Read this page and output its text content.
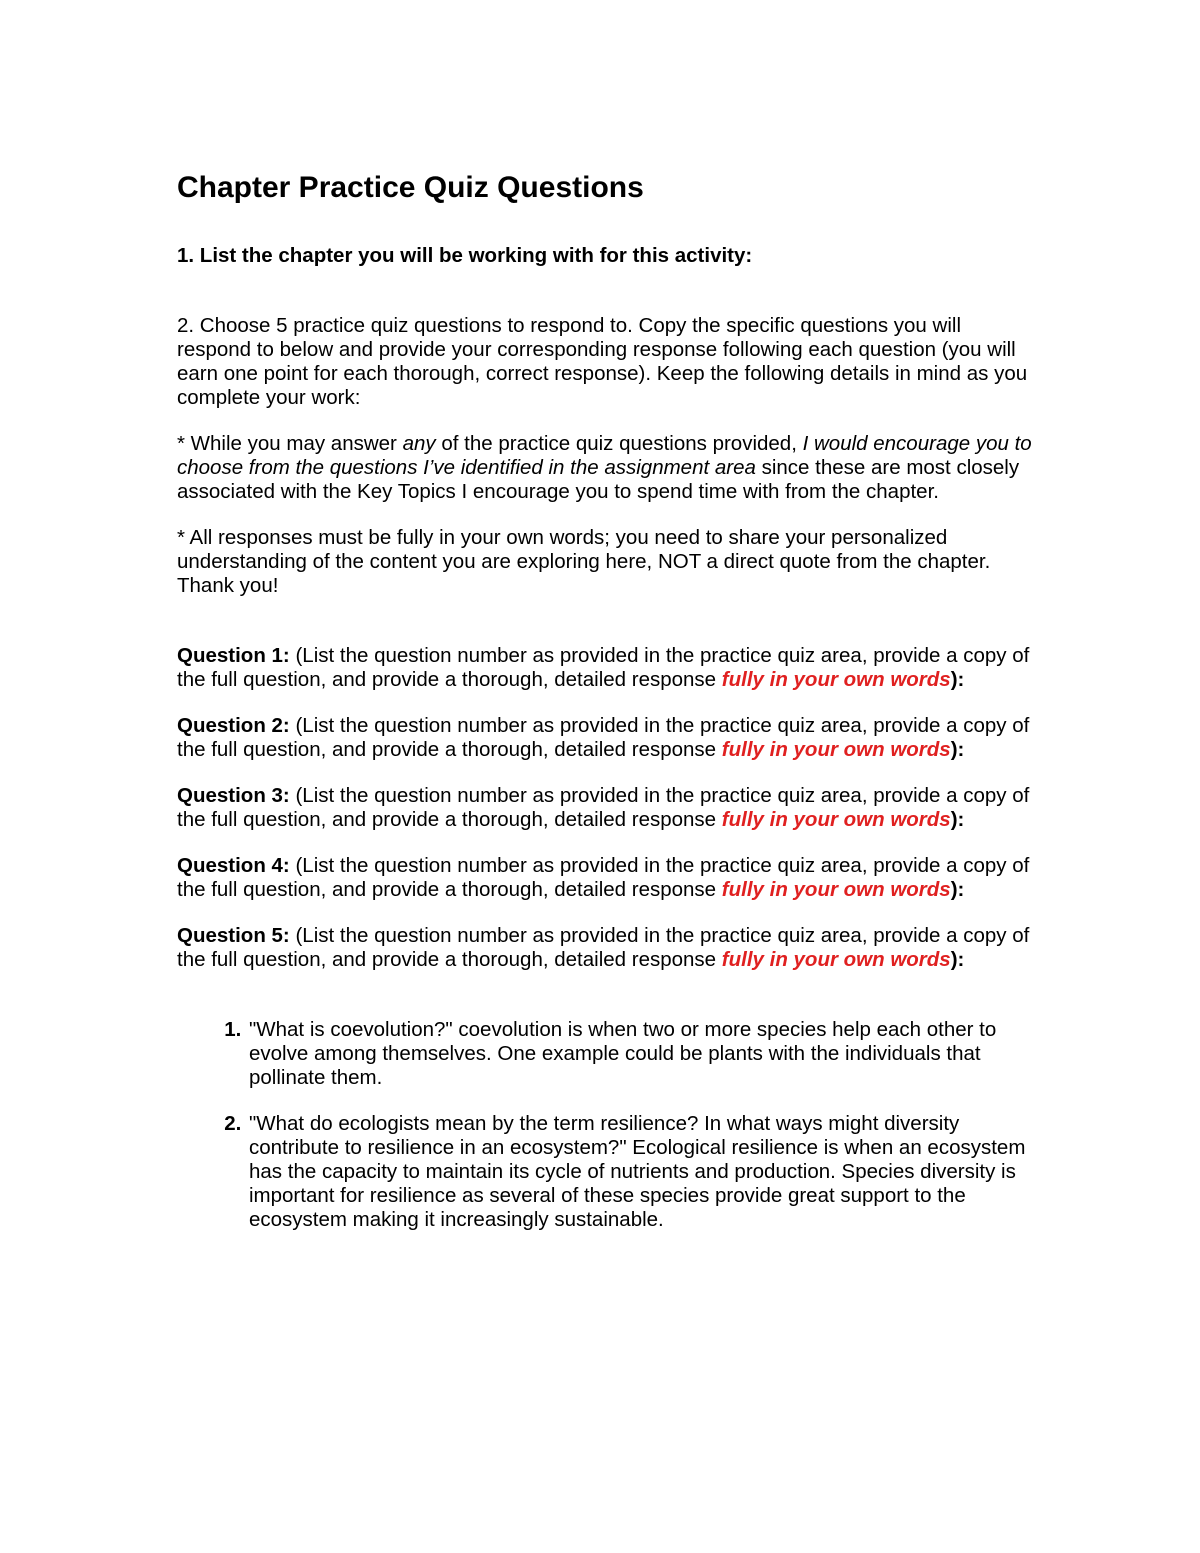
Chapter Practice Quiz Questions

1. List the chapter you will be working with for this activity:

2. Choose 5 practice quiz questions to respond to. Copy the specific questions you will respond to below and provide your corresponding response following each question (you will earn one point for each thorough, correct response). Keep the following details in mind as you complete your work:

* While you may answer any of the practice quiz questions provided, I would encourage you to choose from the questions I’ve identified in the assignment area since these are most closely associated with the Key Topics I encourage you to spend time with from the chapter.

* All responses must be fully in your own words; you need to share your personalized understanding of the content you are exploring here, NOT a direct quote from the chapter. Thank you!

Question 1: (List the question number as provided in the practice quiz area, provide a copy of the full question, and provide a thorough, detailed response fully in your own words):

Question 2: (List the question number as provided in the practice quiz area, provide a copy of the full question, and provide a thorough, detailed response fully in your own words):

Question 3: (List the question number as provided in the practice quiz area, provide a copy of the full question, and provide a thorough, detailed response fully in your own words):

Question 4: (List the question number as provided in the practice quiz area, provide a copy of the full question, and provide a thorough, detailed response fully in your own words):

Question 5: (List the question number as provided in the practice quiz area, provide a copy of the full question, and provide a thorough, detailed response fully in your own words):

1. "What is coevolution?" coevolution is when two or more species help each other to evolve among themselves. One example could be plants with the individuals that pollinate them.
2. "What do ecologists mean by the term resilience? In what ways might diversity contribute to resilience in an ecosystem?" Ecological resilience is when an ecosystem has the capacity to maintain its cycle of nutrients and production. Species diversity is important for resilience as several of these species provide great support to the ecosystem making it increasingly sustainable.
